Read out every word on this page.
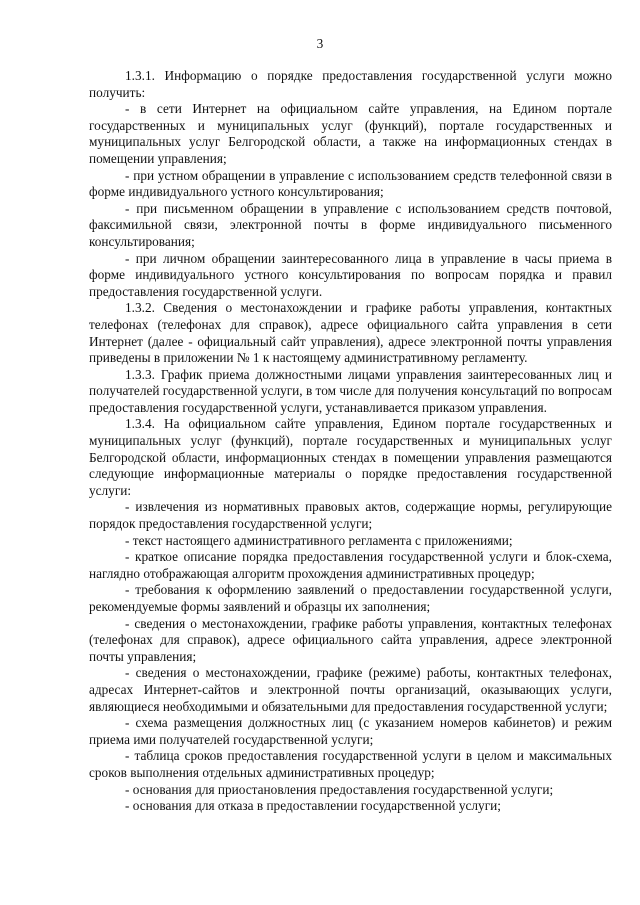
3

1.3.1. Информацию о порядке предоставления государственной услуги можно получить:

- в сети Интернет на официальном сайте управления, на Едином портале государственных и муниципальных услуг (функций), портале государственных и муниципальных услуг Белгородской области, а также на информационных стендах в помещении управления;

- при устном обращении в управление с использованием средств телефонной связи в форме индивидуального устного консультирования;

- при письменном обращении в управление с использованием средств почтовой, факсимильной связи, электронной почты в форме индивидуального письменного консультирования;

- при личном обращении заинтересованного лица в управление в часы приема в форме индивидуального устного консультирования по вопросам порядка и правил предоставления государственной услуги.

1.3.2. Сведения о местонахождении и графике работы управления, контактных телефонах (телефонах для справок), адресе официального сайта управления в сети Интернет (далее - официальный сайт управления), адресе электронной почты управления приведены в приложении № 1 к настоящему административному регламенту.

1.3.3. График приема должностными лицами управления заинтересованных лиц и получателей государственной услуги, в том числе для получения консультаций по вопросам предоставления государственной услуги, устанавливается приказом управления.

1.3.4. На официальном сайте управления, Едином портале государственных и муниципальных услуг (функций), портале государственных и муниципальных услуг Белгородской области, информационных стендах в помещении управления размещаются следующие информационные материалы о порядке предоставления государственной услуги:

- извлечения из нормативных правовых актов, содержащие нормы, регулирующие порядок предоставления государственной услуги;

- текст настоящего административного регламента с приложениями;

- краткое описание порядка предоставления государственной услуги и блок-схема, наглядно отображающая алгоритм прохождения административных процедур;

- требования к оформлению заявлений о предоставлении государственной услуги, рекомендуемые формы заявлений и образцы их заполнения;

- сведения о местонахождении, графике работы управления, контактных телефонах (телефонах для справок), адресе официального сайта управления, адресе электронной почты управления;

- сведения о местонахождении, графике (режиме) работы, контактных телефонах, адресах Интернет-сайтов и электронной почты организаций, оказывающих услуги, являющиеся необходимыми и обязательными для предоставления государственной услуги;

- схема размещения должностных лиц (с указанием номеров кабинетов) и режим приема ими получателей государственной услуги;

- таблица сроков предоставления государственной услуги в целом и максимальных сроков выполнения отдельных административных процедур;

- основания для приостановления предоставления государственной услуги;

- основания для отказа в предоставлении государственной услуги;
